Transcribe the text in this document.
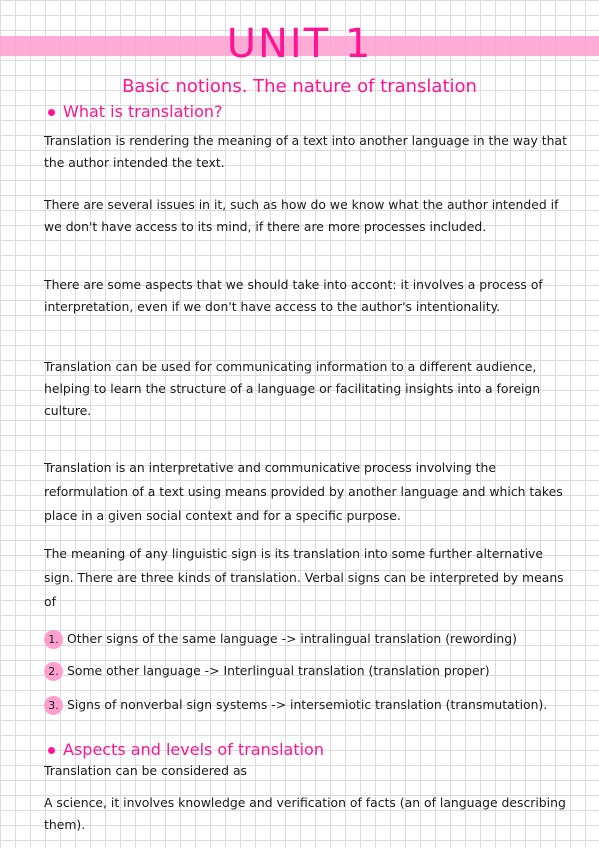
UNIT 1
Basic notions. The nature of translation
What is translation?
Translation is rendering the meaning of a text into another language in the way that the author intended the text.
There are several issues in it, such as how do we know what the author intended if we don't have access to its mind, if there are more processes included.
There are some aspects that we should take into accont: it involves a process of interpretation, even if we don't have access to the author's intentionality.
Translation can be used for communicating information to a different audience, helping to learn the structure of a language or facilitating insights into a foreign culture.
Translation is an interpretative and communicative process involving the reformulation of a text using means provided by another language and which takes place in a given social context and for a specific purpose.
The meaning of any linguistic sign is its translation into some further alternative sign. There are three kinds of translation. Verbal signs can be interpreted by means of
1. Other signs of the same language -> intralingual translation (rewording)
2. Some other language -> Interlingual translation (translation proper)
3. Signs of nonverbal sign systems -> intersemiotic translation (transmutation).
Aspects and levels of translation
Translation can be considered as
A science, it involves knowledge and verification of facts (an of language describing them).
